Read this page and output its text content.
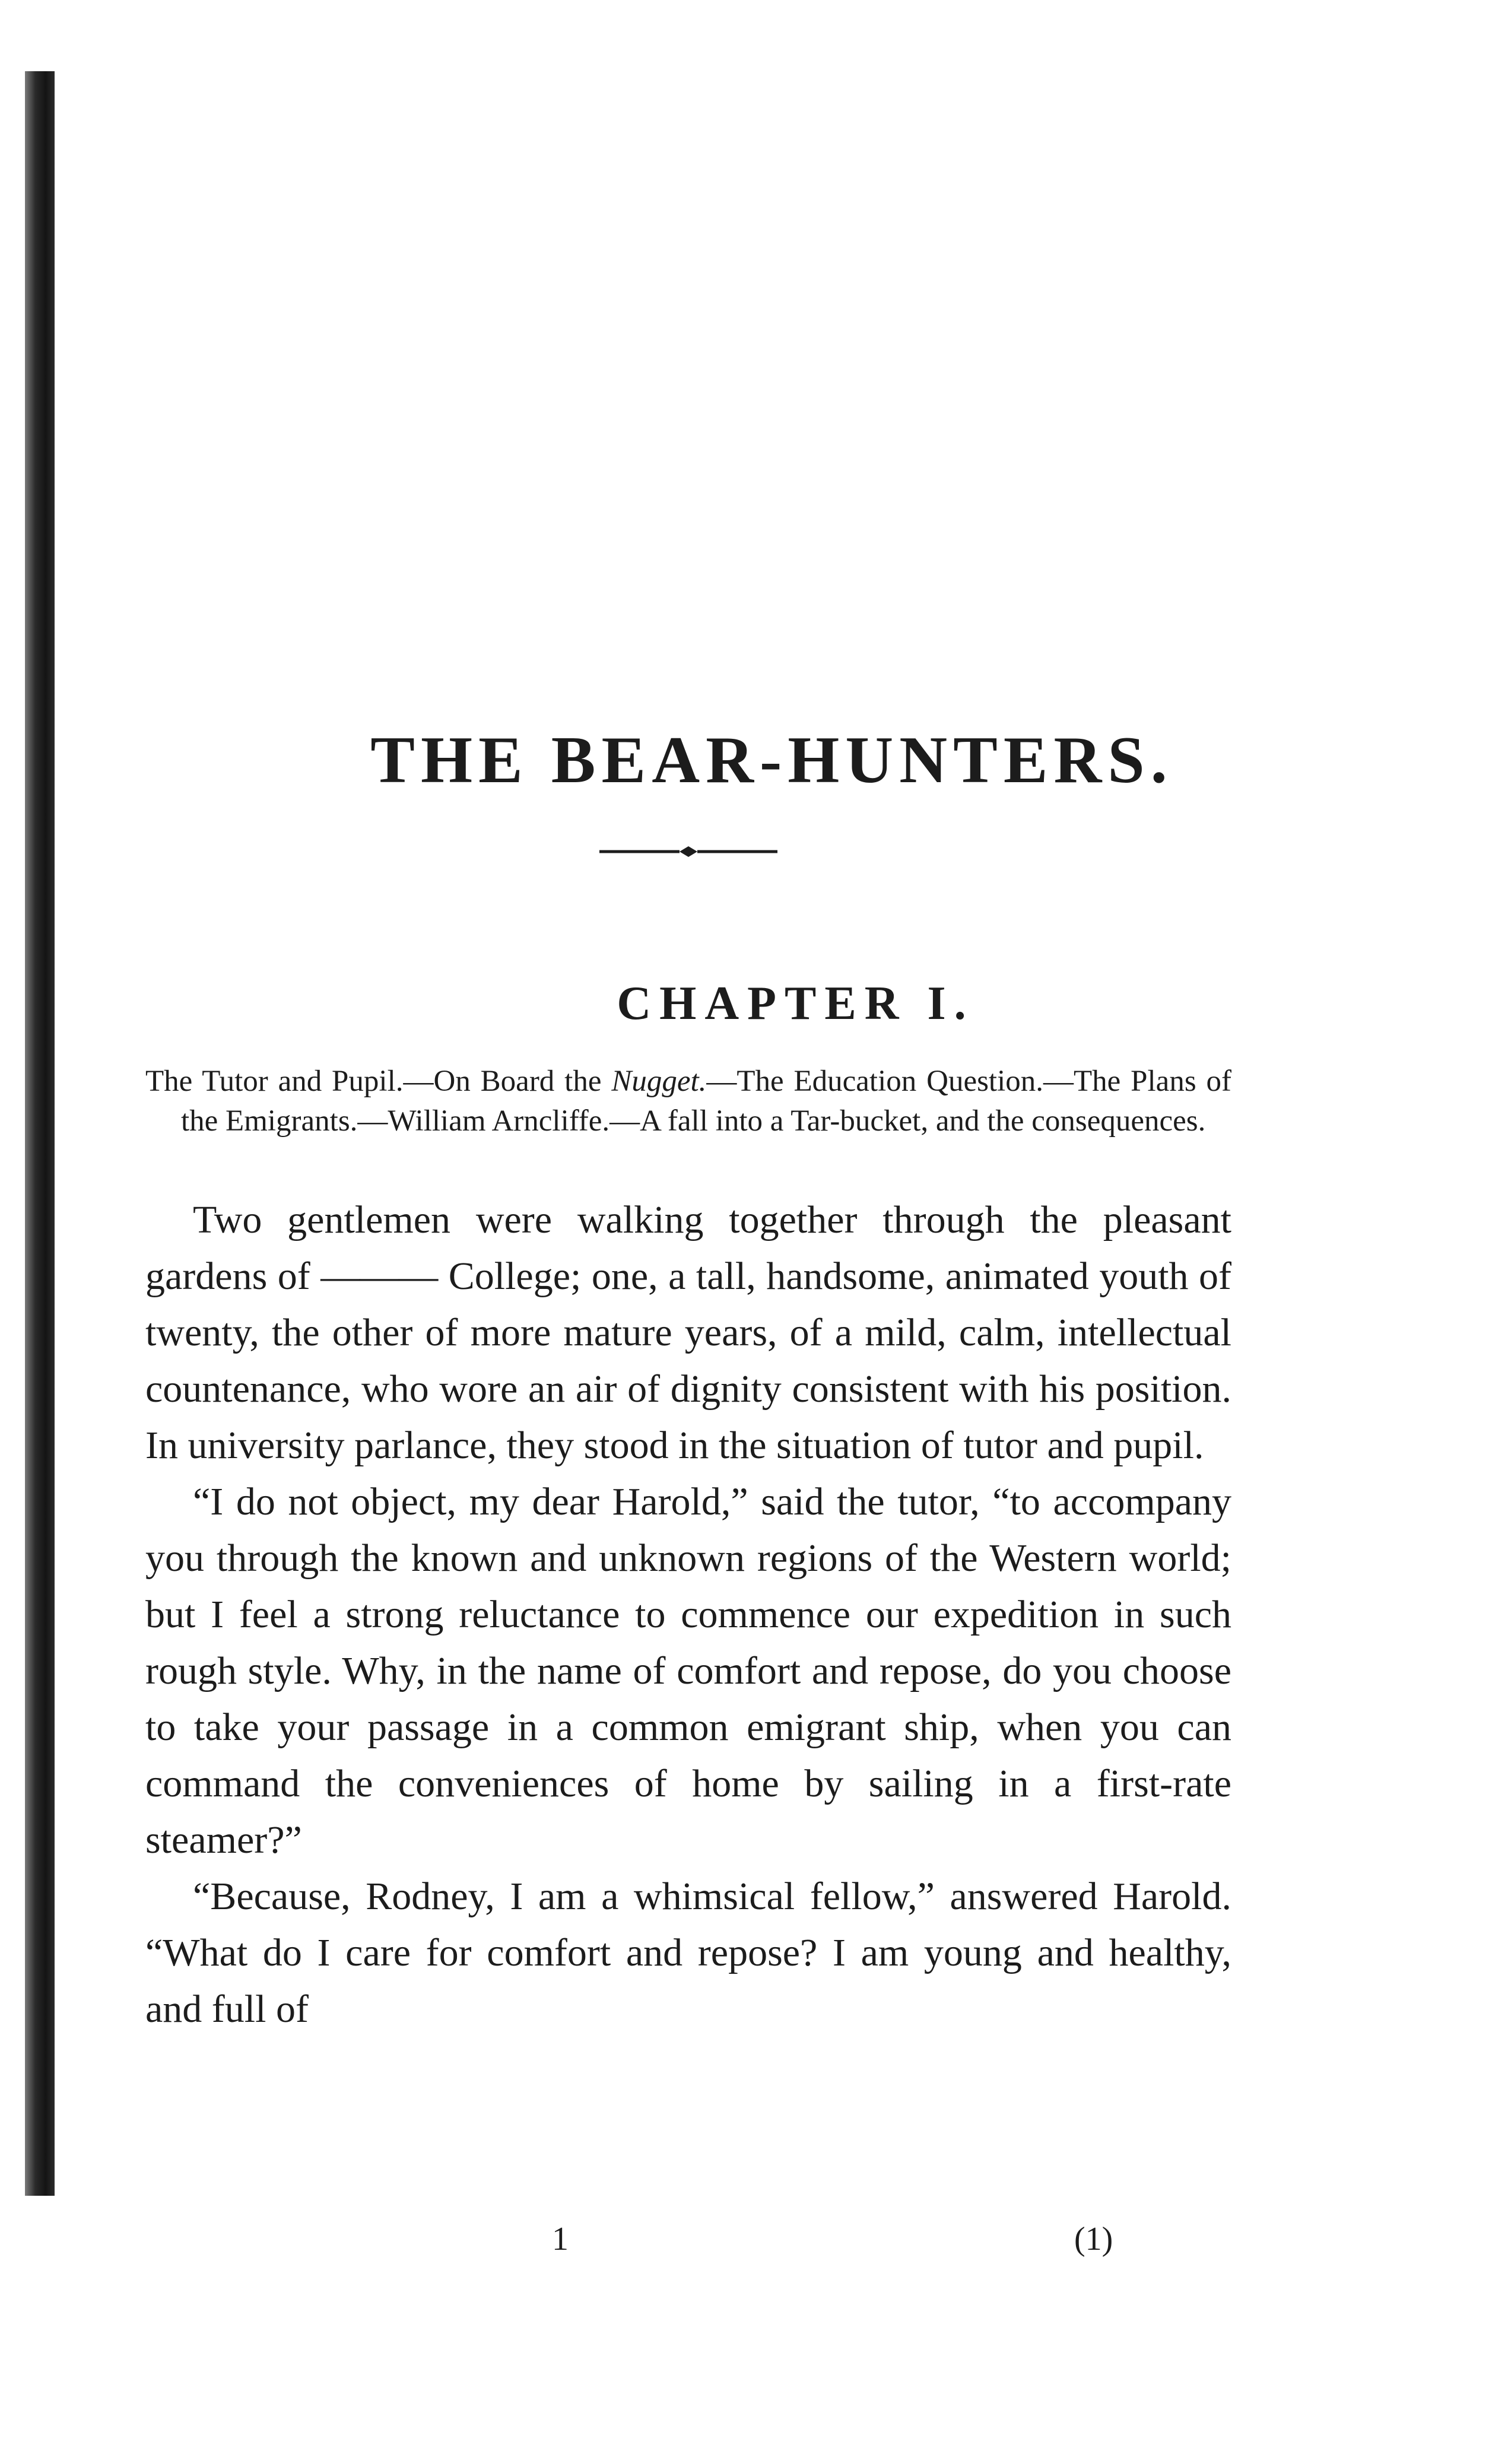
THE BEAR-HUNTERS.
CHAPTER I.

The Tutor and Pupil.—On Board the Nugget.—The Education Question.—The Plans of the Emigrants.—William Arncliffe.—A fall into a Tar-bucket, and the consequences.

Two gentlemen were walking together through the pleasant gardens of ——— College; one, a tall, handsome, animated youth of twenty, the other of more mature years, of a mild, calm, intellectual countenance, who wore an air of dignity consistent with his position. In university parlance, they stood in the situation of tutor and pupil.

“I do not object, my dear Harold,” said the tutor, “to accompany you through the known and unknown regions of the Western world; but I feel a strong reluctance to commence our expedition in such rough style. Why, in the name of comfort and repose, do you choose to take your passage in a common emigrant ship, when you can command the conveniences of home by sailing in a first-rate steamer?”

“Because, Rodney, I am a whimsical fellow,” answered Harold. “What do I care for comfort and repose? I am young and healthy, and full of

1	(1)
